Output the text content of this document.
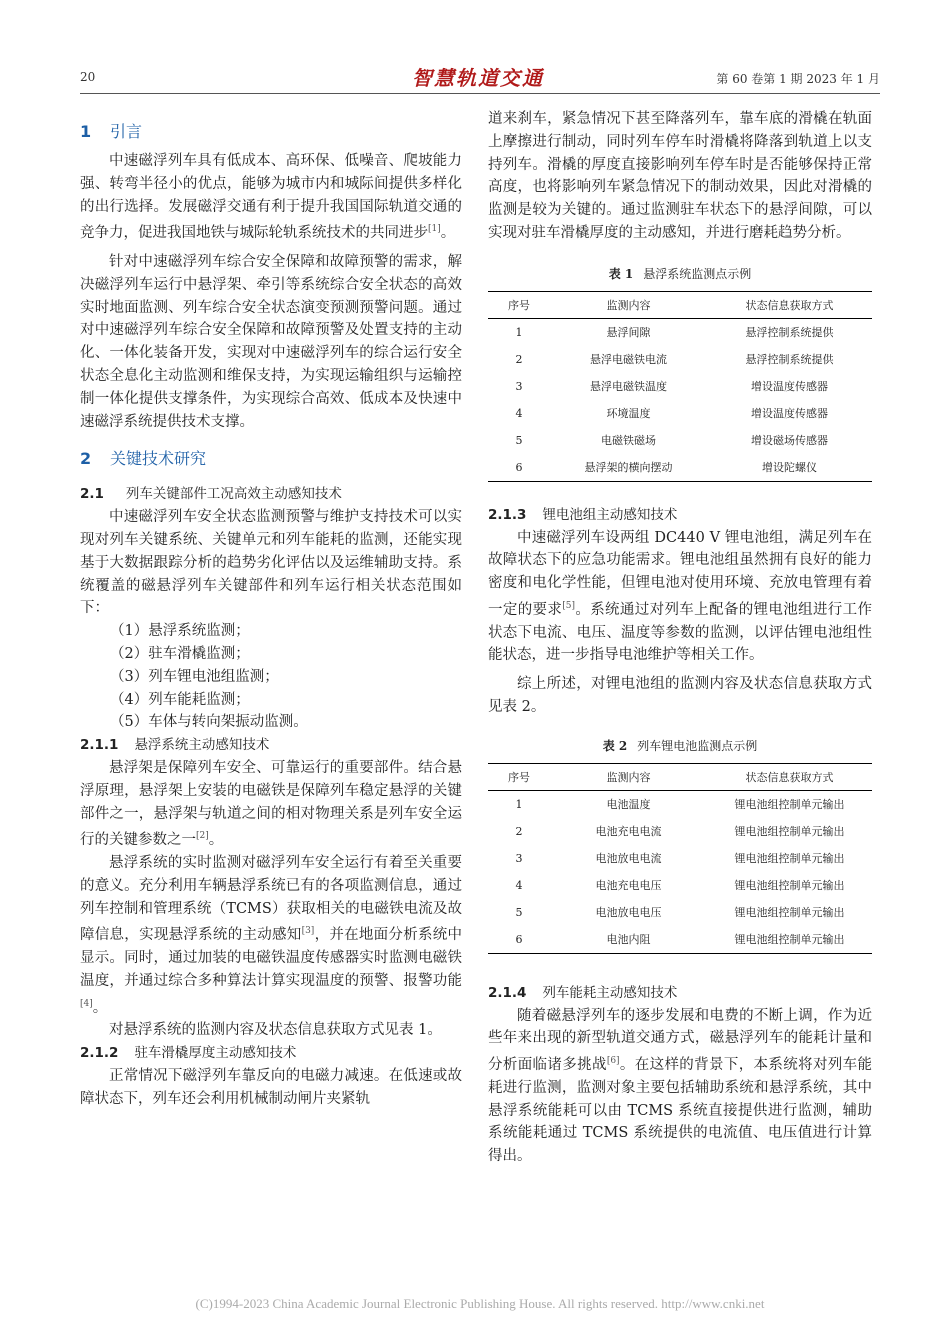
20	智慧轨道交通	第 60 卷第 1 期 2023 年 1 月
1 引言

中速磁浮列车具有低成本、高环保、低噪音、爬坡能力强、转弯半径小的优点，能够为城市内和城际间提供多样化的出行选择。发展磁浮交通有利于提升我国国际轨道交通的竞争力，促进我国地铁与城际轮轨系统技术的共同进步[1]。

针对中速磁浮列车综合安全保障和故障预警的需求，解决磁浮列车运行中悬浮架、牵引等系统综合安全状态的高效实时地面监测、列车综合安全状态演变预测预警问题。通过对中速磁浮列车综合安全保障和故障预警及处置支持的主动化、一体化装备开发，实现对中速磁浮列车的综合运行安全状态全息化主动监测和维保支持，为实现运输组织与运输控制一体化提供支撑条件，为实现综合高效、低成本及快速中速磁浮系统提供技术支撑。

2 关键技术研究
2.1 列车关键部件工况高效主动感知技术

中速磁浮列车安全状态监测预警与维护支持技术可以实现对列车关键系统、关键单元和列车能耗的监测，还能实现基于大数据跟踪分析的趋势劣化评估以及运维辅助支持。系统覆盖的磁悬浮列车关键部件和列车运行相关状态范围如下：

（1）悬浮系统监测；

（2）驻车滑橇监测；

（3）列车锂电池组监测；

（4）列车能耗监测；

（5）车体与转向架振动监测。

2.1.1 悬浮系统主动感知技术

悬浮架是保障列车安全、可靠运行的重要部件。结合悬浮原理，悬浮架上安装的电磁铁是保障列车稳定悬浮的关键部件之一，悬浮架与轨道之间的相对物理关系是列车安全运行的关键参数之一[2]。

悬浮系统的实时监测对磁浮列车安全运行有着至关重要的意义。充分利用车辆悬浮系统已有的各项监测信息，通过列车控制和管理系统（TCMS）获取相关的电磁铁电流及故障信息，实现悬浮系统的主动感知[3]，并在地面分析系统中显示。同时，通过加装的电磁铁温度传感器实时监测电磁铁温度，并通过综合多种算法计算实现温度的预警、报警功能[4]。

对悬浮系统的监测内容及状态信息获取方式见表 1。

2.1.2 驻车滑橇厚度主动感知技术

正常情况下磁浮列车靠反向的电磁力减速。在低速或故障状态下，列车还会利用机械制动闸片夹紧轨

道来刹车，紧急情况下甚至降落列车，靠车底的滑橇在轨面上摩擦进行制动，同时列车停车时滑橇将降落到轨道上以支持列车。滑橇的厚度直接影响列车停车时是否能够保持正常高度，也将影响列车紧急情况下的制动效果，因此对滑橇的监测是较为关键的。通过监测驻车状态下的悬浮间隙，可以实现对驻车滑橇厚度的主动感知，并进行磨耗趋势分析。

表 1 悬浮系统监测点示例

序号	监测内容	状态信息获取方式
1	悬浮间隙	悬浮控制系统提供
2	悬浮电磁铁电流	悬浮控制系统提供
3	悬浮电磁铁温度	增设温度传感器
4	环境温度	增设温度传感器
5	电磁铁磁场	增设磁场传感器
6	悬浮架的横向摆动	增设陀螺仪
2.1.3 锂电池组主动感知技术

中速磁浮列车设两组 DC440 V 锂电池组，满足列车在故障状态下的应急功能需求。锂电池组虽然拥有良好的能力密度和电化学性能，但锂电池对使用环境、充放电管理有着一定的要求[5]。系统通过对列车上配备的锂电池组进行工作状态下电流、电压、温度等参数的监测，以评估锂电池组性能状态，进一步指导电池维护等相关工作。

综上所述，对锂电池组的监测内容及状态信息获取方式见表 2。

表 2 列车锂电池监测点示例

序号	监测内容	状态信息获取方式
1	电池温度	锂电池组控制单元输出
2	电池充电电流	锂电池组控制单元输出
3	电池放电电流	锂电池组控制单元输出
4	电池充电电压	锂电池组控制单元输出
5	电池放电电压	锂电池组控制单元输出
6	电池内阻	锂电池组控制单元输出
2.1.4 列车能耗主动感知技术

随着磁悬浮列车的逐步发展和电费的不断上调，作为近些年来出现的新型轨道交通方式，磁悬浮列车的能耗计量和分析面临诸多挑战[6]。在这样的背景下，本系统将对列车能耗进行监测，监测对象主要包括辅助系统和悬浮系统，其中悬浮系统能耗可以由 TCMS 系统直接提供进行监测，辅助系统能耗通过 TCMS 系统提供的电流值、电压值进行计算得出。

(C)1994-2023 China Academic Journal Electronic Publishing House. All rights reserved. http://www.cnki.net
